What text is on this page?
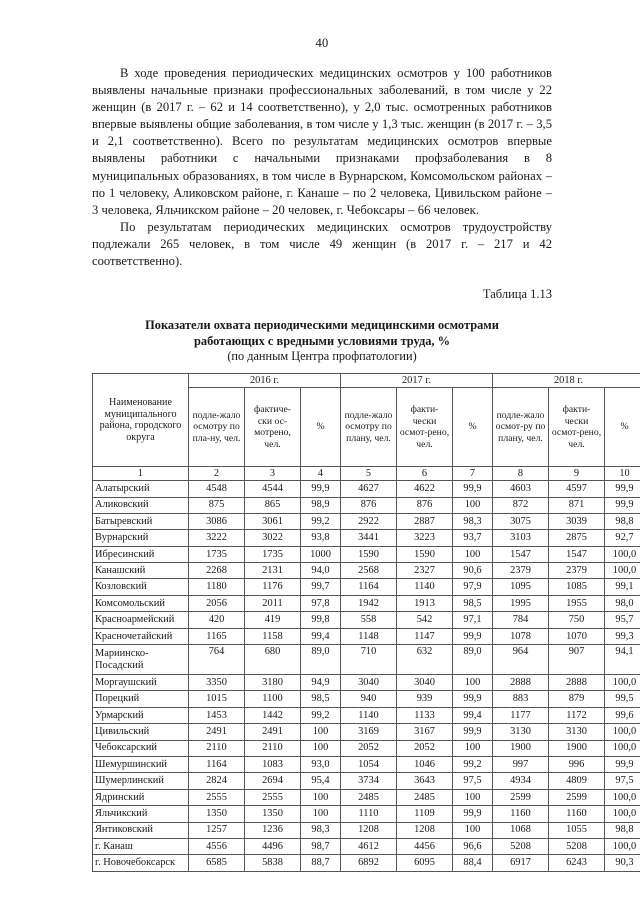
40

В ходе проведения периодических медицинских осмотров у 100 работников выявлены начальные признаки профессиональных заболеваний, в том числе у 22 женщин (в 2017 г. – 62 и 14 соответственно), у 2,0 тыс. осмотренных работников впервые выявлены общие заболевания, в том числе у 1,3 тыс. женщин (в 2017 г. – 3,5 и 2,1 соответственно). Всего по результатам медицинских осмотров впервые выявлены работники с начальными признаками профзаболевания в 8 муниципальных образованиях, в том числе в Вурнарском, Комсомольском районах – по 1 человеку, Аликовском районе, г. Канаше – по 2 человека, Цивильском районе – 3 человека, Яльчикском районе – 20 человек, г. Чебоксары – 66 человек.

По результатам периодических медицинских осмотров трудоустройству подлежали 265 человек, в том числе 49 женщин (в 2017 г. – 217 и 42 соответственно).

Таблица 1.13
Показатели охвата периодическими медицинскими осмотрами
работающих с вредными условиями труда, %
(по данным Центра профпатологии)
Наименование муниципального района, городского округа	2016 г.			2017 г.			2018 г.		
	подле-жало осмотру по пла-ну, чел.	фактиче-ски ос-мотрено, чел.	%	подле-жало осмотру по плану, чел.	факти-чески осмот-рено, чел.	%	подле-жало осмот-ру по плану, чел.	факти-чески осмот-рено, чел.	%
1	2	3	4	5	6	7	8	9	10
Алатырский	4548	4544	99,9	4627	4622	99,9	4603	4597	99,9
Аликовский	875	865	98,9	876	876	100	872	871	99,9
Батыревский	3086	3061	99,2	2922	2887	98,3	3075	3039	98,8
Вурнарский	3222	3022	93,8	3441	3223	93,7	3103	2875	92,7
Ибресинский	1735	1735	1000	1590	1590	100	1547	1547	100,0
Канашский	2268	2131	94,0	2568	2327	90,6	2379	2379	100,0
Козловский	1180	1176	99,7	1164	1140	97,9	1095	1085	99,1
Комсомольский	2056	2011	97,8	1942	1913	98,5	1995	1955	98,0
Красноармейский	420	419	99,8	558	542	97,1	784	750	95,7
Красночетайский	1165	1158	99,4	1148	1147	99,9	1078	1070	99,3
Мариинско-Посадский	764	680	89,0	710	632	89,0	964	907	94,1
Моргаушский	3350	3180	94,9	3040	3040	100	2888	2888	100,0
Порецкий	1015	1100	98,5	940	939	99,9	883	879	99,5
Урмарский	1453	1442	99,2	1140	1133	99,4	1177	1172	99,6
Цивильский	2491	2491	100	3169	3167	99,9	3130	3130	100,0
Чебоксарский	2110	2110	100	2052	2052	100	1900	1900	100,0
Шемуршинский	1164	1083	93,0	1054	1046	99,2	997	996	99,9
Шумерлинский	2824	2694	95,4	3734	3643	97,5	4934	4809	97,5
Ядринский	2555	2555	100	2485	2485	100	2599	2599	100,0
Яльчикский	1350	1350	100	1110	1109	99,9	1160	1160	100,0
Янтиковский	1257	1236	98,3	1208	1208	100	1068	1055	98,8
г. Канаш	4556	4496	98,7	4612	4456	96,6	5208	5208	100,0
г. Новочебоксарск	6585	5838	88,7	6892	6095	88,4	6917	6243	90,3
